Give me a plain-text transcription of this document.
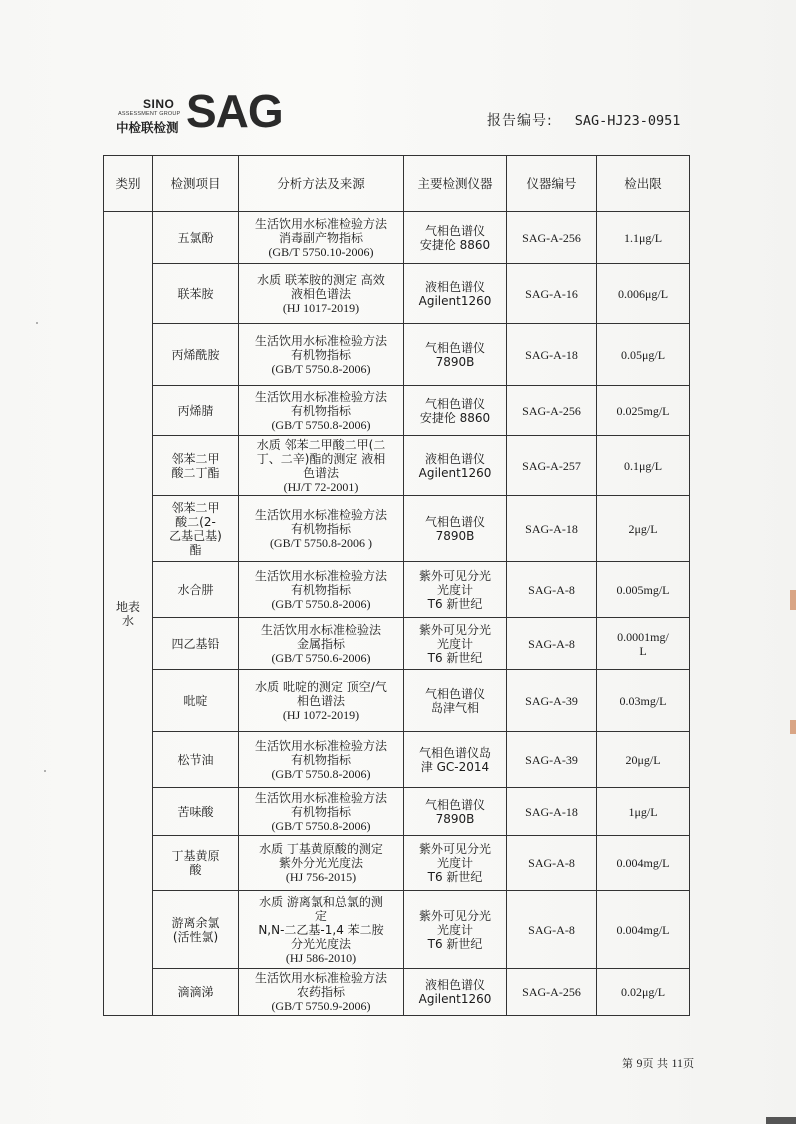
SINO
ASSESSMENT GROUP
中检联检测 SAG	报告编号: SAG-HJ23-0951
类别	检测项目	分析方法及来源	主要检测仪器	仪器编号	检出限

地表
水	五氯酚	生活饮用水标准检验方法
消毒副产物指标
(GB/T 5750.10-2006)	气相色谱仪
安捷伦 8860	SAG-A-256	1.1μg/L

	联苯胺	水质 联苯胺的测定 高效
液相色谱法
(HJ 1017-2019)	液相色谱仪
Agilent1260	SAG-A-16	0.006μg/L

	丙烯酰胺	生活饮用水标准检验方法
有机物指标
(GB/T 5750.8-2006)	气相色谱仪
7890B	SAG-A-18	0.05μg/L

	丙烯腈	生活饮用水标准检验方法
有机物指标
(GB/T 5750.8-2006)	气相色谱仪
安捷伦 8860	SAG-A-256	0.025mg/L

	邻苯二甲
酸二丁酯	水质 邻苯二甲酸二甲(二
丁、二辛)酯的测定 液相
色谱法
(HJ/T 72-2001)	液相色谱仪
Agilent1260	SAG-A-257	0.1μg/L

	邻苯二甲
酸二(2-
乙基己基)
酯	生活饮用水标准检验方法
有机物指标
(GB/T 5750.8-2006 )	气相色谱仪
7890B	SAG-A-18	2μg/L

	水合肼	生活饮用水标准检验方法
有机物指标
(GB/T 5750.8-2006)	紫外可见分光
光度计
T6 新世纪	SAG-A-8	0.005mg/L

	四乙基铅	生活饮用水标准检验法
金属指标
(GB/T 5750.6-2006)	紫外可见分光
光度计
T6 新世纪	SAG-A-8	0.0001mg/
L

	吡啶	水质 吡啶的测定 顶空/气
相色谱法
(HJ 1072-2019)	气相色谱仪
岛津气相	SAG-A-39	0.03mg/L

	松节油	生活饮用水标准检验方法
有机物指标
(GB/T 5750.8-2006)	气相色谱仪岛
津 GC-2014	SAG-A-39	20μg/L

	苦味酸	生活饮用水标准检验方法
有机物指标
(GB/T 5750.8-2006)	气相色谱仪
7890B	SAG-A-18	1μg/L

	丁基黄原
酸	水质 丁基黄原酸的测定
紫外分光光度法
(HJ 756-2015)	紫外可见分光
光度计
T6 新世纪	SAG-A-8	0.004mg/L

	游离余氯
(活性氯)	水质 游离氯和总氯的测
定
N,N-二乙基-1,4 苯二胺
分光光度法
(HJ 586-2010)	紫外可见分光
光度计
T6 新世纪	SAG-A-8	0.004mg/L

	滴滴涕	生活饮用水标准检验方法
农药指标
(GB/T 5750.9-2006)	液相色谱仪
Agilent1260	SAG-A-256	0.02μg/L
第 9页 共 11页
